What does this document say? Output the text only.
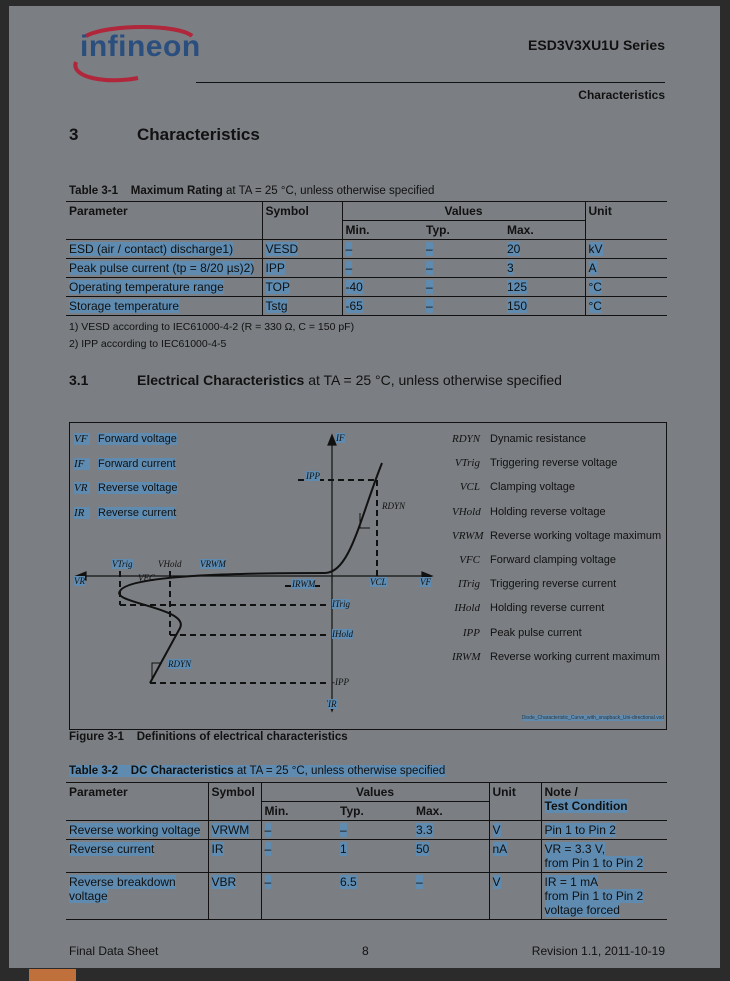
infineon	ESD3V3XU1U Series
Characteristics
3	Characteristics
Table 3-1 Maximum Rating at TA = 25 °C, unless otherwise specified
Parameter	Symbol	Values			Unit
		Min.	Typ.	Max.	
ESD (air / contact) discharge1)	VESD	–	–	20	kV
Peak pulse current (tp = 8/20 µs)2)	IPP	–	–	3	A
Operating temperature range	TOP	-40	–	125	°C
Storage temperature	Tstg	-65	–	150	°C
1) VESD according to IEC61000-4-2 (R = 330 Ω, C = 150 pF)
2) IPP according to IEC61000-4-5
3.1	Electrical Characteristics at TA = 25 °C, unless otherwise specified
VF Forward voltage
IF Forward current
VR Reverse voltage
IR Reverse current
RDYN Dynamic resistance
VTrig Triggering reverse voltage
VCL Clamping voltage
VHold Holding reverse voltage
VRWM Reverse working voltage maximum
VFC Forward clamping voltage
ITrig Triggering reverse current
IHold Holding reverse current
IPP Peak pulse current
IRWM Reverse working current maximum
IF
IR
VR	VF
IPP
RDYN
RDYN
VTrig	VHold VRWM
VCL
IRWM
VFC
ITrig
IHold
-IPP
Diode_Characteristic_Curve_with_snapback_Uni-directional.vsd
Figure 3-1 Definitions of electrical characteristics
Table 3-2 DC Characteristics at TA = 25 °C, unless otherwise specified
Parameter	Symbol	Values			Unit	Note /
Test Condition
		Min.	Typ.	Max.		
Reverse working voltage	VRWM	–	–	3.3	V	Pin 1 to Pin 2

Reverse current	IR	–	1	50	nA	VR = 3.3 V,
from Pin 1 to Pin 2

Reverse breakdown voltage	VBR	–	6.5	–	V	IR = 1 mA
from Pin 1 to Pin 2
voltage forced

Final Data Sheet	8	Revision 1.1, 2011-10-19
